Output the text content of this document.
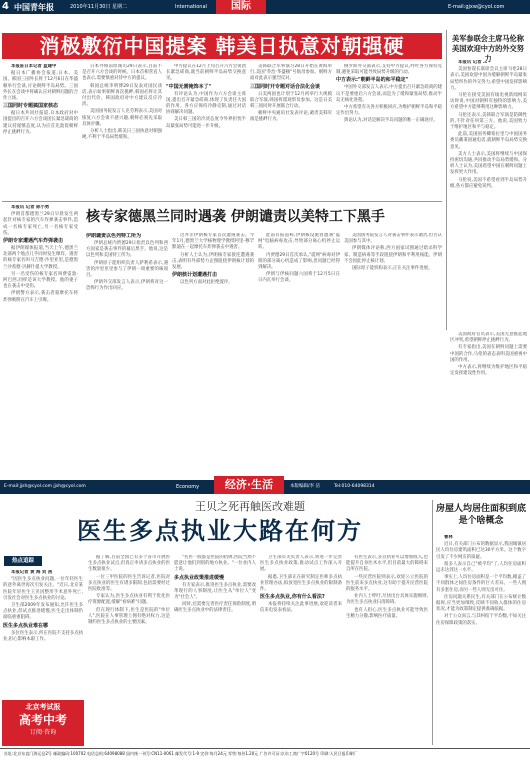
4 中国青年报	2010年11月30日 星期二	International	国际	E-mail:gjxw@cyol.com
消极敷衍中国提案 韩美日执意对朝强硬

本报驻日本记者 蓝建中

据日本广播协会报道,日本、美国、韩国三国外长将于12月6日在华盛顿举行会谈,讨论朝鲜半岛局势。三国外长在会谈中将确认应对朝鲜问题的合作立场。

三国同时专题搞国家核态

据日本共同社报道,日本政府对中国提出的召开六方会谈团长紧急磋商的建议持谨慎态度,认为应首先敦促朝鲜停止挑衅行为。

日本外相前原诚司29日表示,目前不是召开六方会谈的时候。日本首相菅直人也表示,需要慎重对待中方的提议。

韩国总统李明博29日发表对国民谈话,表示如果朝鲜再次挑衅,韩国必将让其付出代价。韩国政府对中方建议反应冷淡。

美国国务院发言人克劳利表示,美国对恢复六方会谈不感兴趣,朝鲜必须先采取具体步骤。

分析人士指出,韩美日三国执意对朝强硬,不利于半岛局势缓和。

中方提议在12月上旬召开六方会谈团长紧急磋商,就当前朝鲜半岛局势交换意见。

"中国无需掩饰本了"

有评论认为,中国作为六方会谈主席国,提出召开紧急磋商,体现了负责任大国的作用。各方应保持冷静克制,通过对话协商解决问题。

美日韩三国的冷淡态度令外界担忧半岛紧张局势可能进一步升级。

美韩联合军事演习28日开始在黄海举行,美国"乔治·华盛顿"号航母参加。朝鲜方面对此表示强烈反对。

三国同时开专题对话合法化会谈

日美两国也计划于12月初举行大规模联合军演,韩国将派观察员参加。这是日美韩三国同时开展联合行动。

朝鲜中央通讯社发表评论,谴责美韩军演是挑衅行为。

俄罗斯外交部表示,支持中方提议,呼吁各方保持克制,避免采取可能导致局势升级的行动。

中方表示:"朝鲜半岛的和平稳定"

中国外交部发言人表示,中方提出召开紧急磋商的建议不是要重启六方会谈,而是为了缓和紧张局势,推动半岛无核化进程。

中方希望有关各方积极回应,为维护朝鲜半岛和平稳定作出努力。

舆论认为,对话是解决半岛问题的唯一正确途径。

美军参联会主席马伦称美国欢迎中方的外交努力

本报讯 记者 …

美国参谋长联席会议主席马伦28日表示,美国欢迎中国为缓解朝鲜半岛紧张局势所作的外交努力,希望中国发挥影响力。

马伦在接受美国有线电视新闻网采访时说,中国对朝鲜有独特的影响力,美方希望中方能够利用这种影响力。

马伦还表示,美韩联合军演是防御性的,不针对任何第三方。他说,美国致力于维护地区和平与稳定。

此前,美国国务卿希拉里与中国国务委员戴秉国通电话,就朝鲜半岛局势交换意见。

美方人士表示,美国将继续与中国保持密切沟通,共同推动半岛局势缓和。分析人士认为,美国希望中国在朝鲜问题上发挥更大作用。

马伦说,美国不希望看到半岛局势升级,各方都应避免误判。

本报讯 记者 陈小勇

伊朗首都德黑兰29日早晨发生两起针对核专家的汽车炸弹袭击事件,造成一名核专家死亡,另一名核专家受伤。

伊朗专家遭遇汽车炸弹袭击

据伊朗媒体报道,当天上午,德黑兰北部两个地点几乎同时发生爆炸。遇害的核专家名叫马吉德·沙里亚里,是德黑兰沙希德·贝赫什提大学教授。

另一名受伤的核专家名叫费雷敦·阿巴西,同样是该大学教授。他的妻子也在袭击中受伤。

伊朗警方表示,袭击者骑摩托车将炸弹吸附在汽车上引爆。

核专家德黑兰同时遇袭 伊朗谴责以美特工下黑手

伊朗谴责以色列特工所为

伊朗总统内贾德29日指责以色列和西方国家是袭击事件的幕后黑手。他说,这是以色列和美国特工所为。

伊朗原子能组织负责人萨利希表示,遇害的沙里亚里参与了伊朗一项重要的核项目。

伊朗外交部发言人表示,伊朗将对这一恐怖行为作出回应。

这并非伊朗核专家首次遭遇袭击。今年1月,德黑兰大学核物理学教授阿里-穆罕默迪在一起摩托车炸弹袭击中遇害。

分析人士认为,伊朗核专家接连遭遇袭击,表明有外部势力企图阻挠伊朗核计划的发展。

伊朗核计划遭遇打击

以色列方面对此拒绝置评。

此前有报道称,伊朗核设施曾遭遇"震网"电脑病毒攻击,导致部分离心机停止运转。

内贾德29日首次承认,"震网"病毒对伊朗的部分离心机造成了影响,但问题已经得到解决。

伊朗与伊核问题六国将于12月5日在日内瓦举行会谈。

美国国务院发言人对袭击事件表示谴责,但否认美国参与其中。

伊朗媒体评论称,西方国家试图通过暗杀科学家、制造病毒等手段阻挠伊朗和平利用核能。伊朗不会因此停止核计划。

国际原子能机构表示,正在关注事件进展。

美国政府官员表示,美国无意挑起地区冲突,希望朝鲜停止挑衅行为。

有专家指出,美国在朝鲜问题上需要中国的合作,马伦的表态表明美国重视中国的作用。

中方表示,将继续为维护地区和平稳定发挥建设性作用。

E-mail:jjsh@cyol.com jjsh@cyol.com	Economy	经济·生活	本版编辑/李 洁	Tel:010-64098314
王贝之死再触医改难题
医生多点执业大路在何方
热点追踪

本报记者 黄 海 刘 茜

"因医生多点执业问题,一位年轻医生的意外离世再次引发关注。"近日,北京某医院年轻医生王贝因整形手术意外死亡,引发社会对医生多点执业的讨论。

卫生部2009年发布通知,允许医生多点执业,但试点推进缓慢,医生走出体制仍面临重重阻碍。

医生多点执业难在哪

多位医生表示,所在医院不支持多点执业,担心影响本职工作。

据了解,目前全国已有多个省市开展医生多点执业试点,但真正申请多点执业的医生数量很少。

一位三甲医院的医生告诉记者,医院对多点执业的医生有诸多限制,包括需要经过医院批准等。

专家认为,医生多点执业有利于优化医疗资源配置,缓解"看病难"问题。

但在现行体制下,医生是医院的"单位人",医院在人事管理上拥有绝对权力,这是制约医生多点执业的主要因素。

"名医一般都是医院的招牌,医院当然不愿意让他们到别的地方执业。"一位业内人士说。

多点执业政策推进缓慢

有专家表示,推进医生多点执业,需要改革现行的人事制度,让医生从"单位人"变为"社会人"。

同时,还需要完善医疗责任保险制度,明确医生多点执业中的法律责任。

卫生部有关负责人表示,将进一步完善医生多点执业政策,推动试点工作深入开展。

据悉,卫生部正在研究制定医师多点执业管理办法,拟放宽医生多点执业的限制条件。

医生多点执业,你有什么看法?

本报将持续关注此事进展,欢迎读者来信来电发表看法。

有医生表示,多点执业可以增加收入,也能提升自身医术水平,但目前最大的障碍来自所在医院。

一些民营医院则表示,欢迎公立医院的医生前来多点执业,这有助于提升民营医院的服务水平。

业内人士呼吁,尽快出台具体实施细则,为医生多点执业扫清障碍。

也有人担心,医生多点执业可能导致医生精力分散,影响医疗质量。

房屋人均居住面积到底是个啥概念

曹林

近日,有关部门公布的数据显示,我国城镇居民人均住房建筑面积已达30平方米。这个数字引发了不少网友的质疑。

很多人表示自己"被平均"了,人均住房面积远未达到这一水平。

事实上,人均住房面积是一个平均数,掩盖了不同群体之间住房条件的巨大差异。一些人拥有多套住房,而另一些人则无房可住。

住房问题关系民生,有关部门在公布统计数据时,应当更加细致,反映不同收入群体的住房状况,才能为政策制定提供准确依据。

对于公众而言,与其纠结于平均数,不如关注住房保障政策的落实。

北京考试报
高考中考
订阅·咨询
社址:北京东直门海运仓2号 邮政编码:100702 电话总机:64098088 国内统一刊号:CN11-0061 邮发代号:1-9 定价:每月24元 零售:每份1.20元 广告许可证:京东工商广字0120号 印刷:人民日报印刷厂
